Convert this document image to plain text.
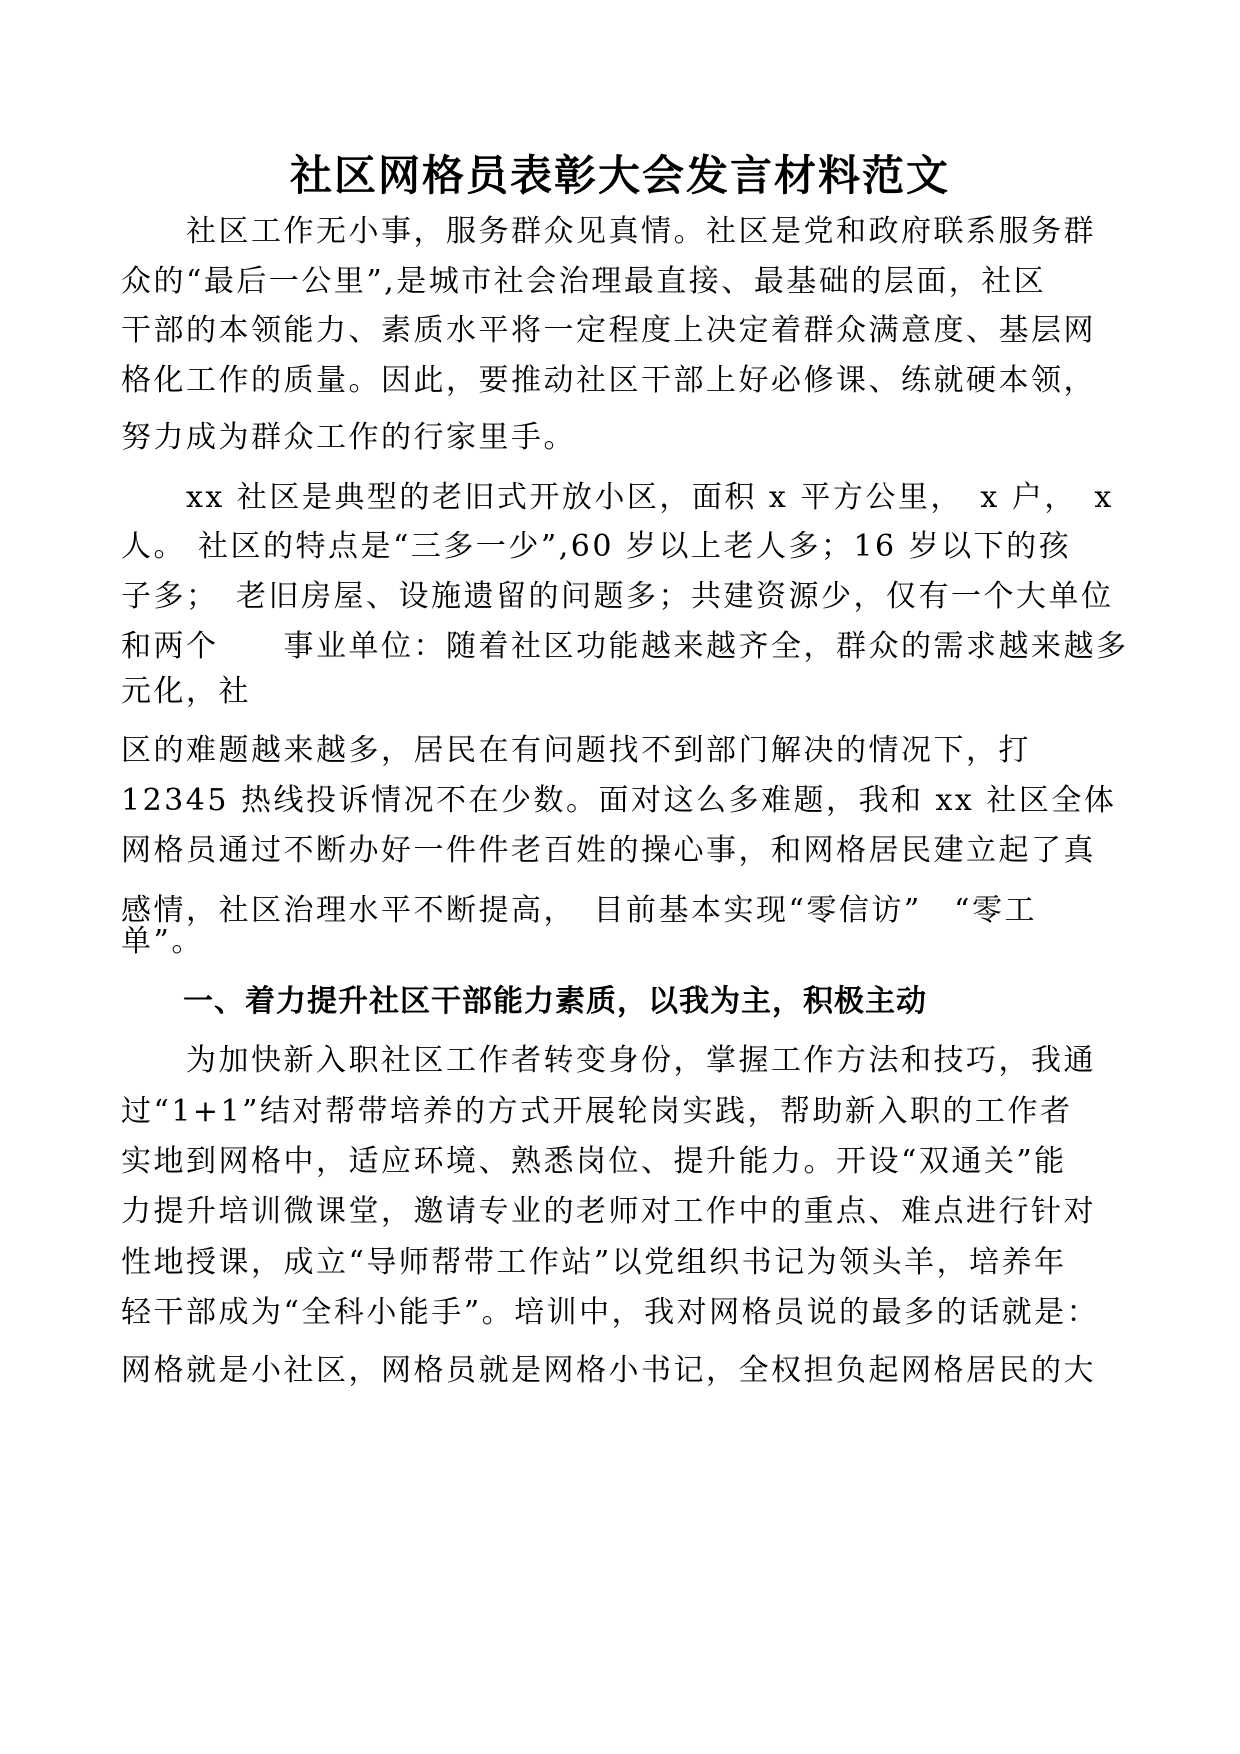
社区网格员表彰大会发言材料范文
　　社区工作无小事，服务群众见真情。社区是党和政府联系服务群
众的“最后一公里”,是城市社会治理最直接、最基础的层面，社区
干部的本领能力、素质水平将一定程度上决定着群众满意度、基层网
格化工作的质量。因此，要推动社区干部上好必修课、练就硬本领，
努力成为群众工作的行家里手。
　　xx 社区是典型的老旧式开放小区，面积 x 平方公里，　x 户，　x
人。 社区的特点是“三多一少”,60 岁以上老人多；16 岁以下的孩
子多；　老旧房屋、设施遗留的问题多；共建资源少，仅有一个大单位
和两个　　事业单位：随着社区功能越来越齐全，群众的需求越来越多
元化，社
区的难题越来越多，居民在有问题找不到部门解决的情况下，打
12345 热线投诉情况不在少数。面对这么多难题，我和 xx 社区全体
网格员通过不断办好一件件老百姓的操心事，和网格居民建立起了真
感情，社区治理水平不断提高，　目前基本实现“零信访”　“零工
单”。
一、着力提升社区干部能力素质，以我为主，积极主动
　　为加快新入职社区工作者转变身份，掌握工作方法和技巧，我通
过“1+1”结对帮带培养的方式开展轮岗实践，帮助新入职的工作者
实地到网格中，适应环境、熟悉岗位、提升能力。开设“双通关”能
力提升培训微课堂，邀请专业的老师对工作中的重点、难点进行针对
性地授课，成立“导师帮带工作站”以党组织书记为领头羊，培养年
轻干部成为“全科小能手”。培训中，我对网格员说的最多的话就是：
网格就是小社区，网格员就是网格小书记，全权担负起网格居民的大
